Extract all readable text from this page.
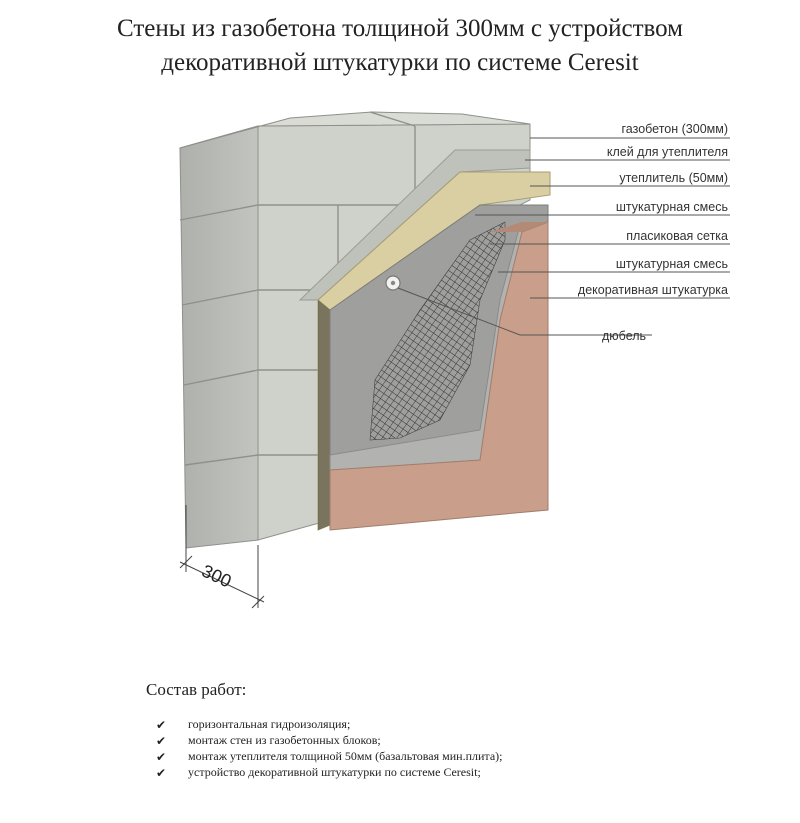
Стены из газобетона толщиной 300мм с устройством
декоративной штукатурки по системе Ceresit
газобетон (300мм)
клей для утеплителя
утеплитель (50мм)
штукатурная смесь
пласиковая сетка
штукатурная смесь
декоративная штукатурка
дюбель
300
Состав работ:
✔ горизонтальная гидроизоляция;
✔ монтаж стен из газобетонных блоков;
✔ монтаж утеплителя толщиной 50мм (базальтовая мин.плита);
✔ устройство декоративной штукатурки по системе Ceresit;
